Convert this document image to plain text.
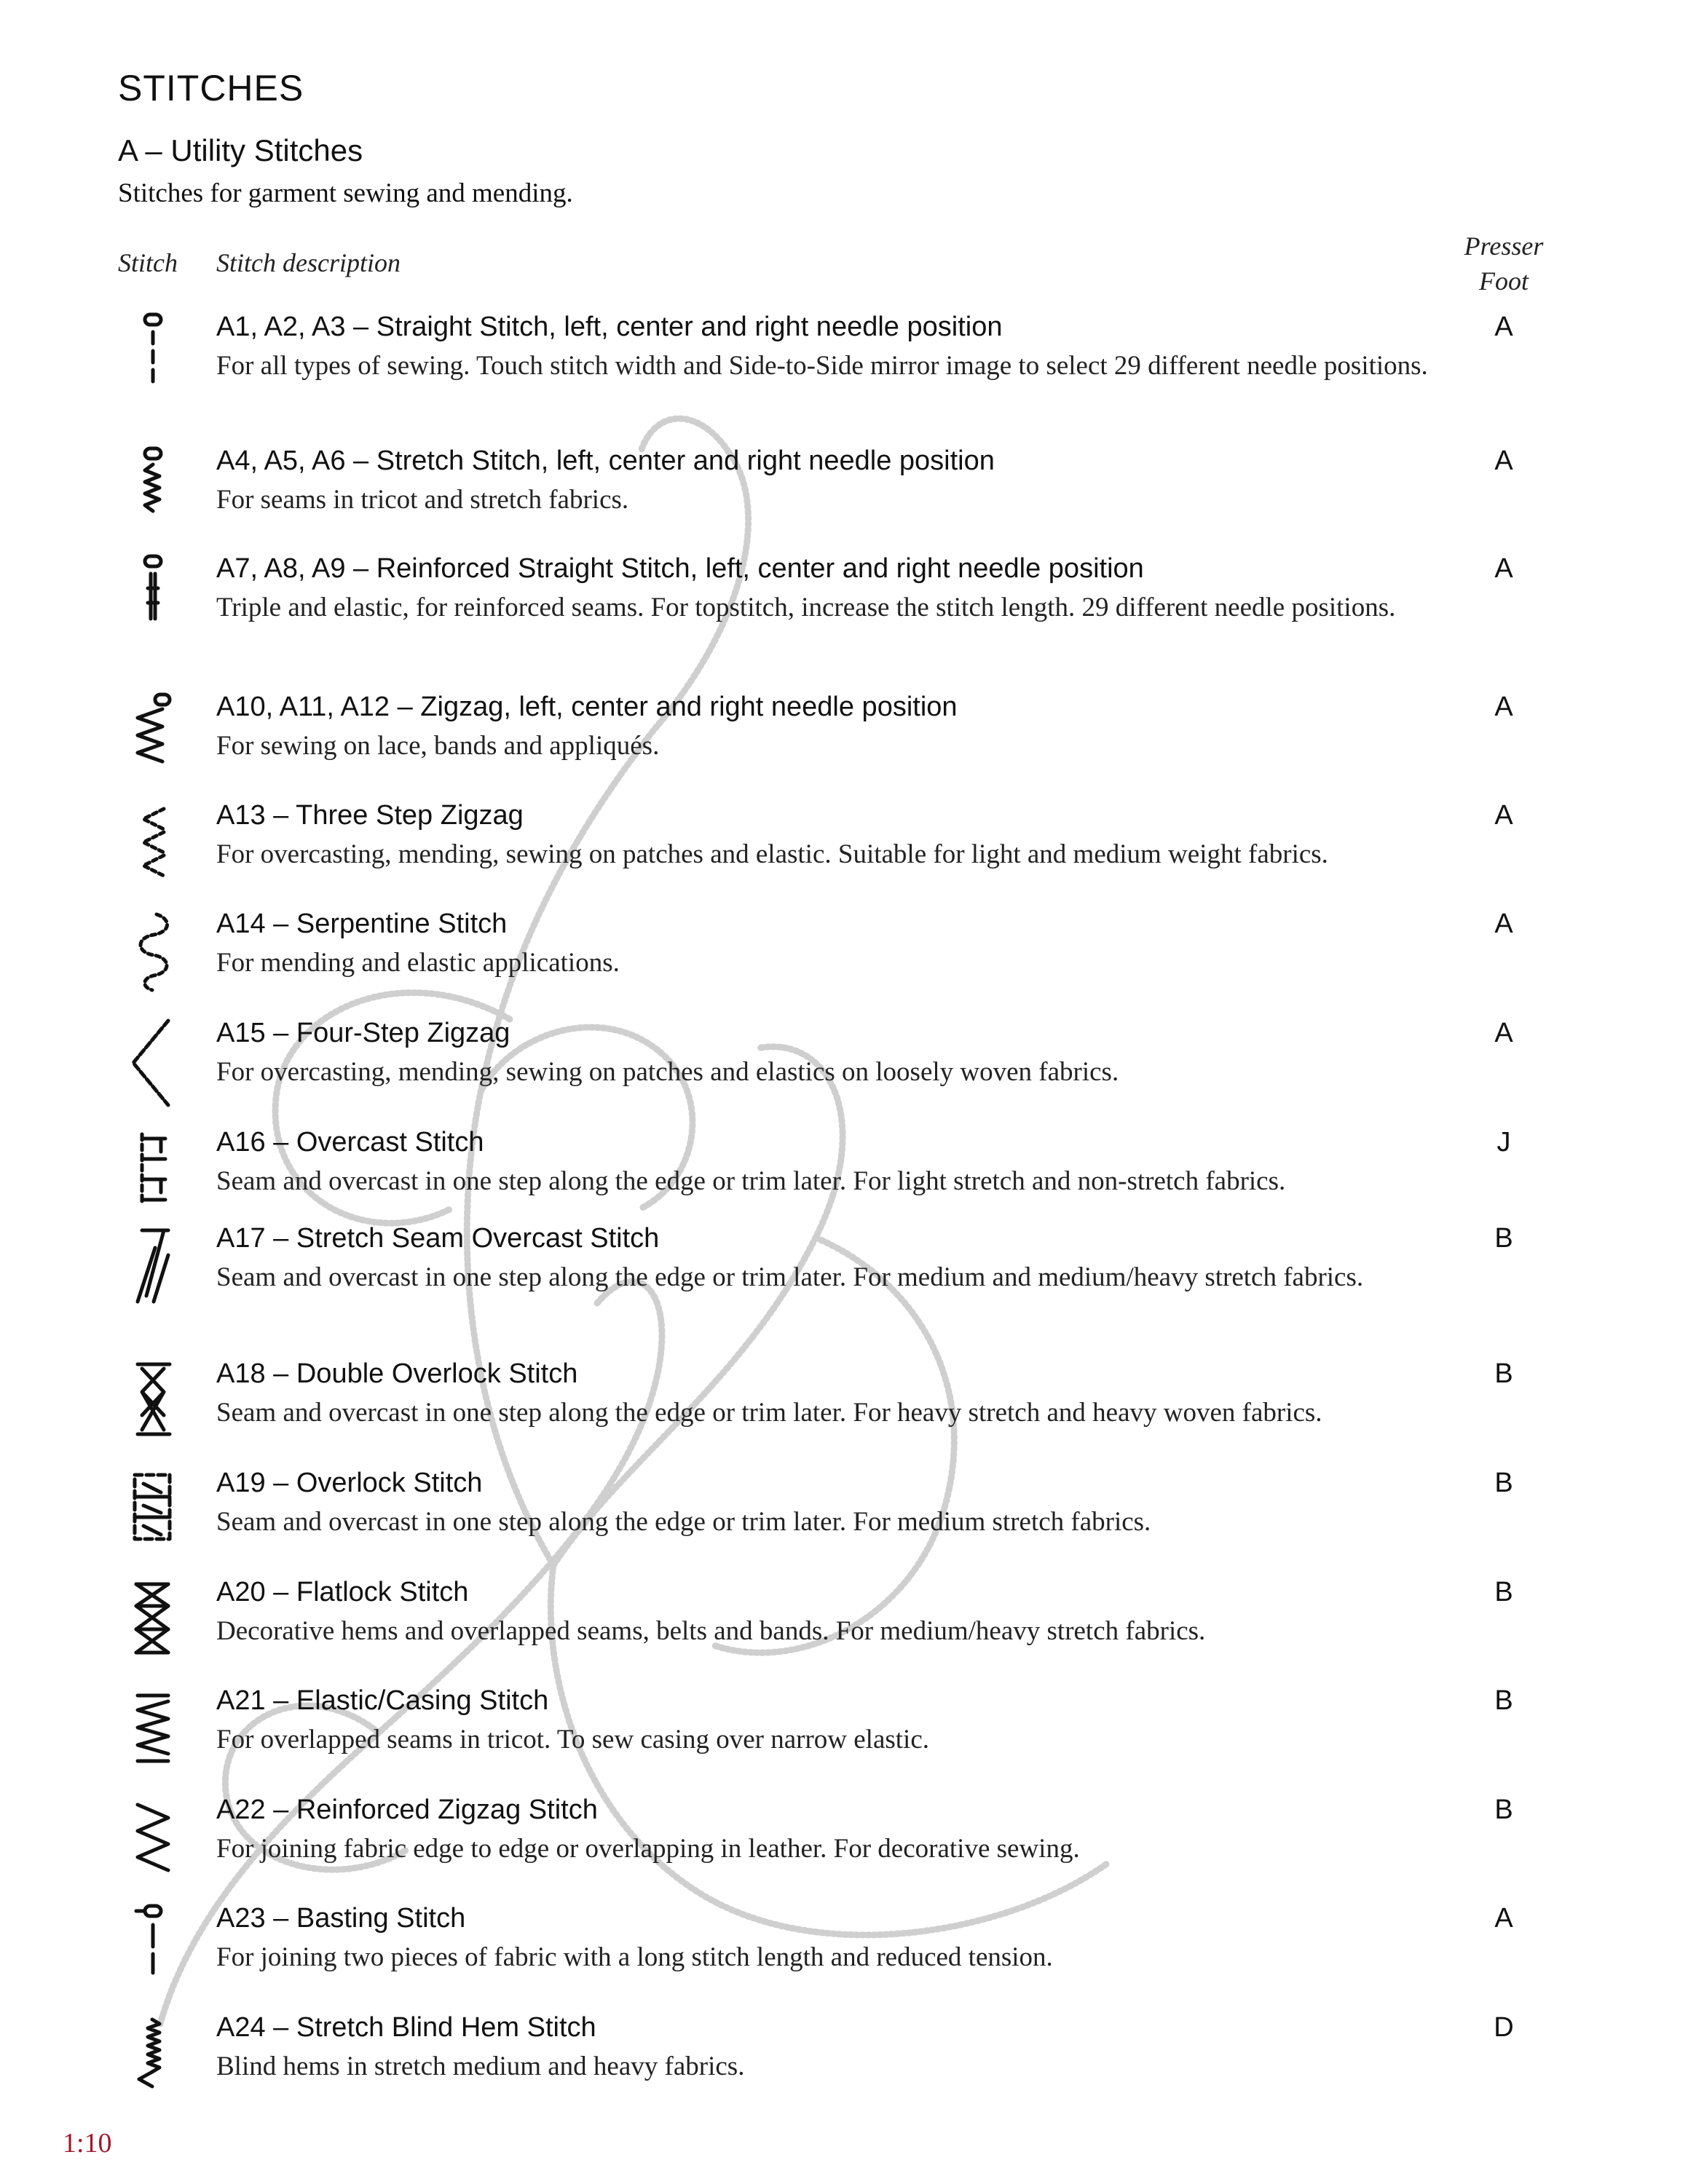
STITCHES
A – Utility Stitches
Stitches for garment sewing and mending.
Stitch Stitch description
Presser
Foot
A1, A2, A3 – Straight Stitch, left, center and right needle position
For all types of sewing. Touch stitch width and Side-to-Side mirror image to select 29 different needle positions.
A
A4, A5, A6 – Stretch Stitch, left, center and right needle position
For seams in tricot and stretch fabrics.
A
A7, A8, A9 – Reinforced Straight Stitch, left, center and right needle position
Triple and elastic, for reinforced seams. For topstitch, increase the stitch length. 29 different needle positions.
A
A10, A11, A12 – Zigzag, left, center and right needle position
For sewing on lace, bands and appliqués.
A
A13 – Three Step Zigzag
For overcasting, mending, sewing on patches and elastic. Suitable for light and medium weight fabrics.
A
A14 – Serpentine Stitch
For mending and elastic applications.
A
A15 – Four-Step Zigzag
For overcasting, mending, sewing on patches and elastics on loosely woven fabrics.
A
A16 – Overcast Stitch
Seam and overcast in one step along the edge or trim later. For light stretch and non-stretch fabrics.
J
A17 – Stretch Seam Overcast Stitch
Seam and overcast in one step along the edge or trim later. For medium and medium/heavy stretch fabrics.
B
A18 – Double Overlock Stitch
Seam and overcast in one step along the edge or trim later. For heavy stretch and heavy woven fabrics.
B
A19 – Overlock Stitch
Seam and overcast in one step along the edge or trim later. For medium stretch fabrics.
B
A20 – Flatlock Stitch
Decorative hems and overlapped seams, belts and bands. For medium/heavy stretch fabrics.
B
A21 – Elastic/Casing Stitch
For overlapped seams in tricot. To sew casing over narrow elastic.
B
A22 – Reinforced Zigzag Stitch
For joining fabric edge to edge or overlapping in leather. For decorative sewing.
B
A23 – Basting Stitch
For joining two pieces of fabric with a long stitch length and reduced tension.
A
A24 – Stretch Blind Hem Stitch
Blind hems in stretch medium and heavy fabrics.
D
1:10
